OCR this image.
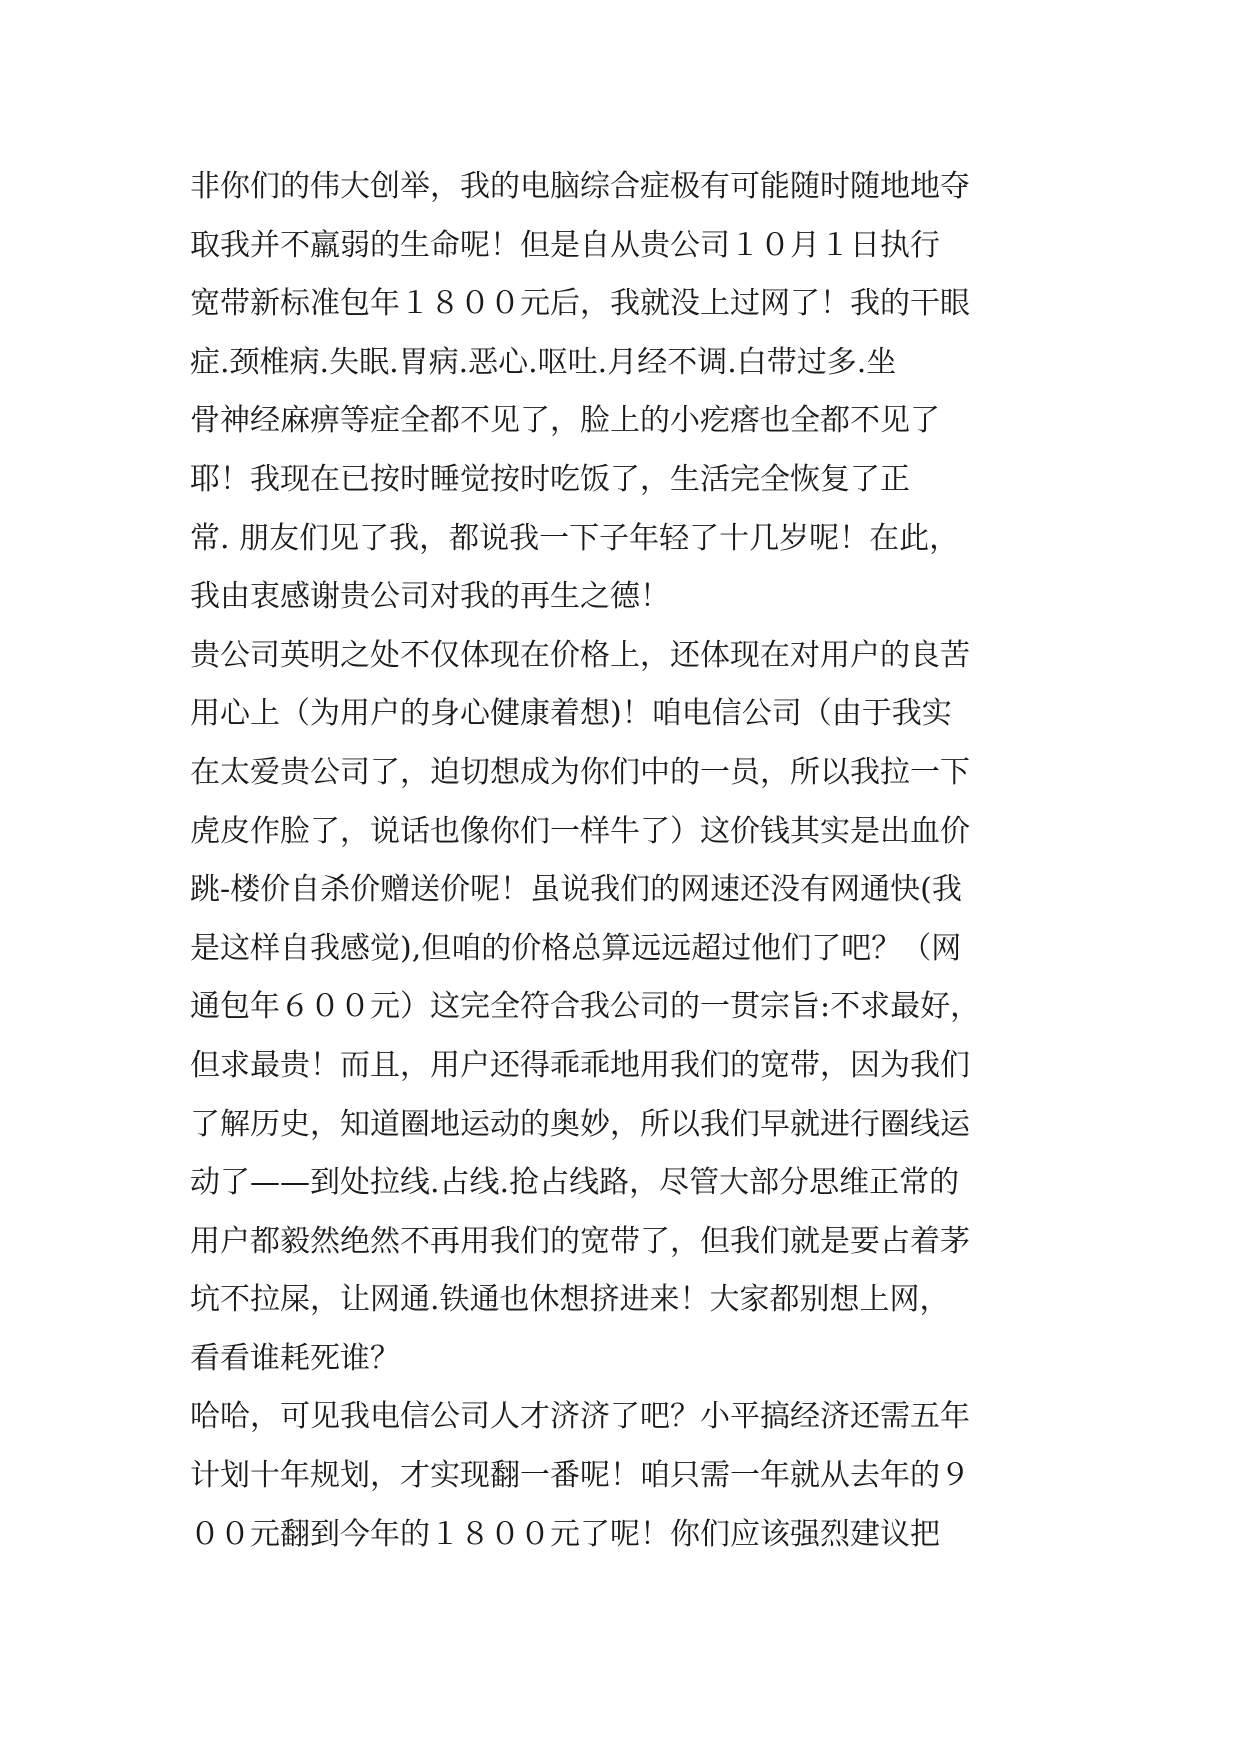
非你们的伟大创举，我的电脑综合症极有可能随时随地地夺
取我并不羸弱的生命呢！但是自从贵公司１０月１日执行
宽带新标准包年１８００元后，我就没上过网了！我的干眼
症.颈椎病.失眠.胃病.恶心.呕吐.月经不调.白带过多.坐
骨神经麻痹等症全都不见了，脸上的小疙瘩也全都不见了
耶！我现在已按时睡觉按时吃饭了，生活完全恢复了正
常. 朋友们见了我，都说我一下子年轻了十几岁呢！在此，
我由衷感谢贵公司对我的再生之德！
贵公司英明之处不仅体现在价格上，还体现在对用户的良苦
用心上（为用户的身心健康着想)！咱电信公司（由于我实
在太爱贵公司了，迫切想成为你们中的一员，所以我拉一下
虎皮作脸了，说话也像你们一样牛了）这价钱其实是出血价
跳-楼价自杀价赠送价呢！虽说我们的网速还没有网通快(我
是这样自我感觉),但咱的价格总算远远超过他们了吧？（网
通包年６００元）这完全符合我公司的一贯宗旨:不求最好，
但求最贵！而且，用户还得乖乖地用我们的宽带，因为我们
了解历史，知道圈地运动的奥妙，所以我们早就进行圈线运
动了——到处拉线.占线.抢占线路，尽管大部分思维正常的
用户都毅然绝然不再用我们的宽带了，但我们就是要占着茅
坑不拉屎，让网通.铁通也休想挤进来！大家都别想上网，
看看谁耗死谁？
哈哈，可见我电信公司人才济济了吧？小平搞经济还需五年
计划十年规划，才实现翻一番呢！咱只需一年就从去年的９
００元翻到今年的１８００元了呢！你们应该强烈建议把
